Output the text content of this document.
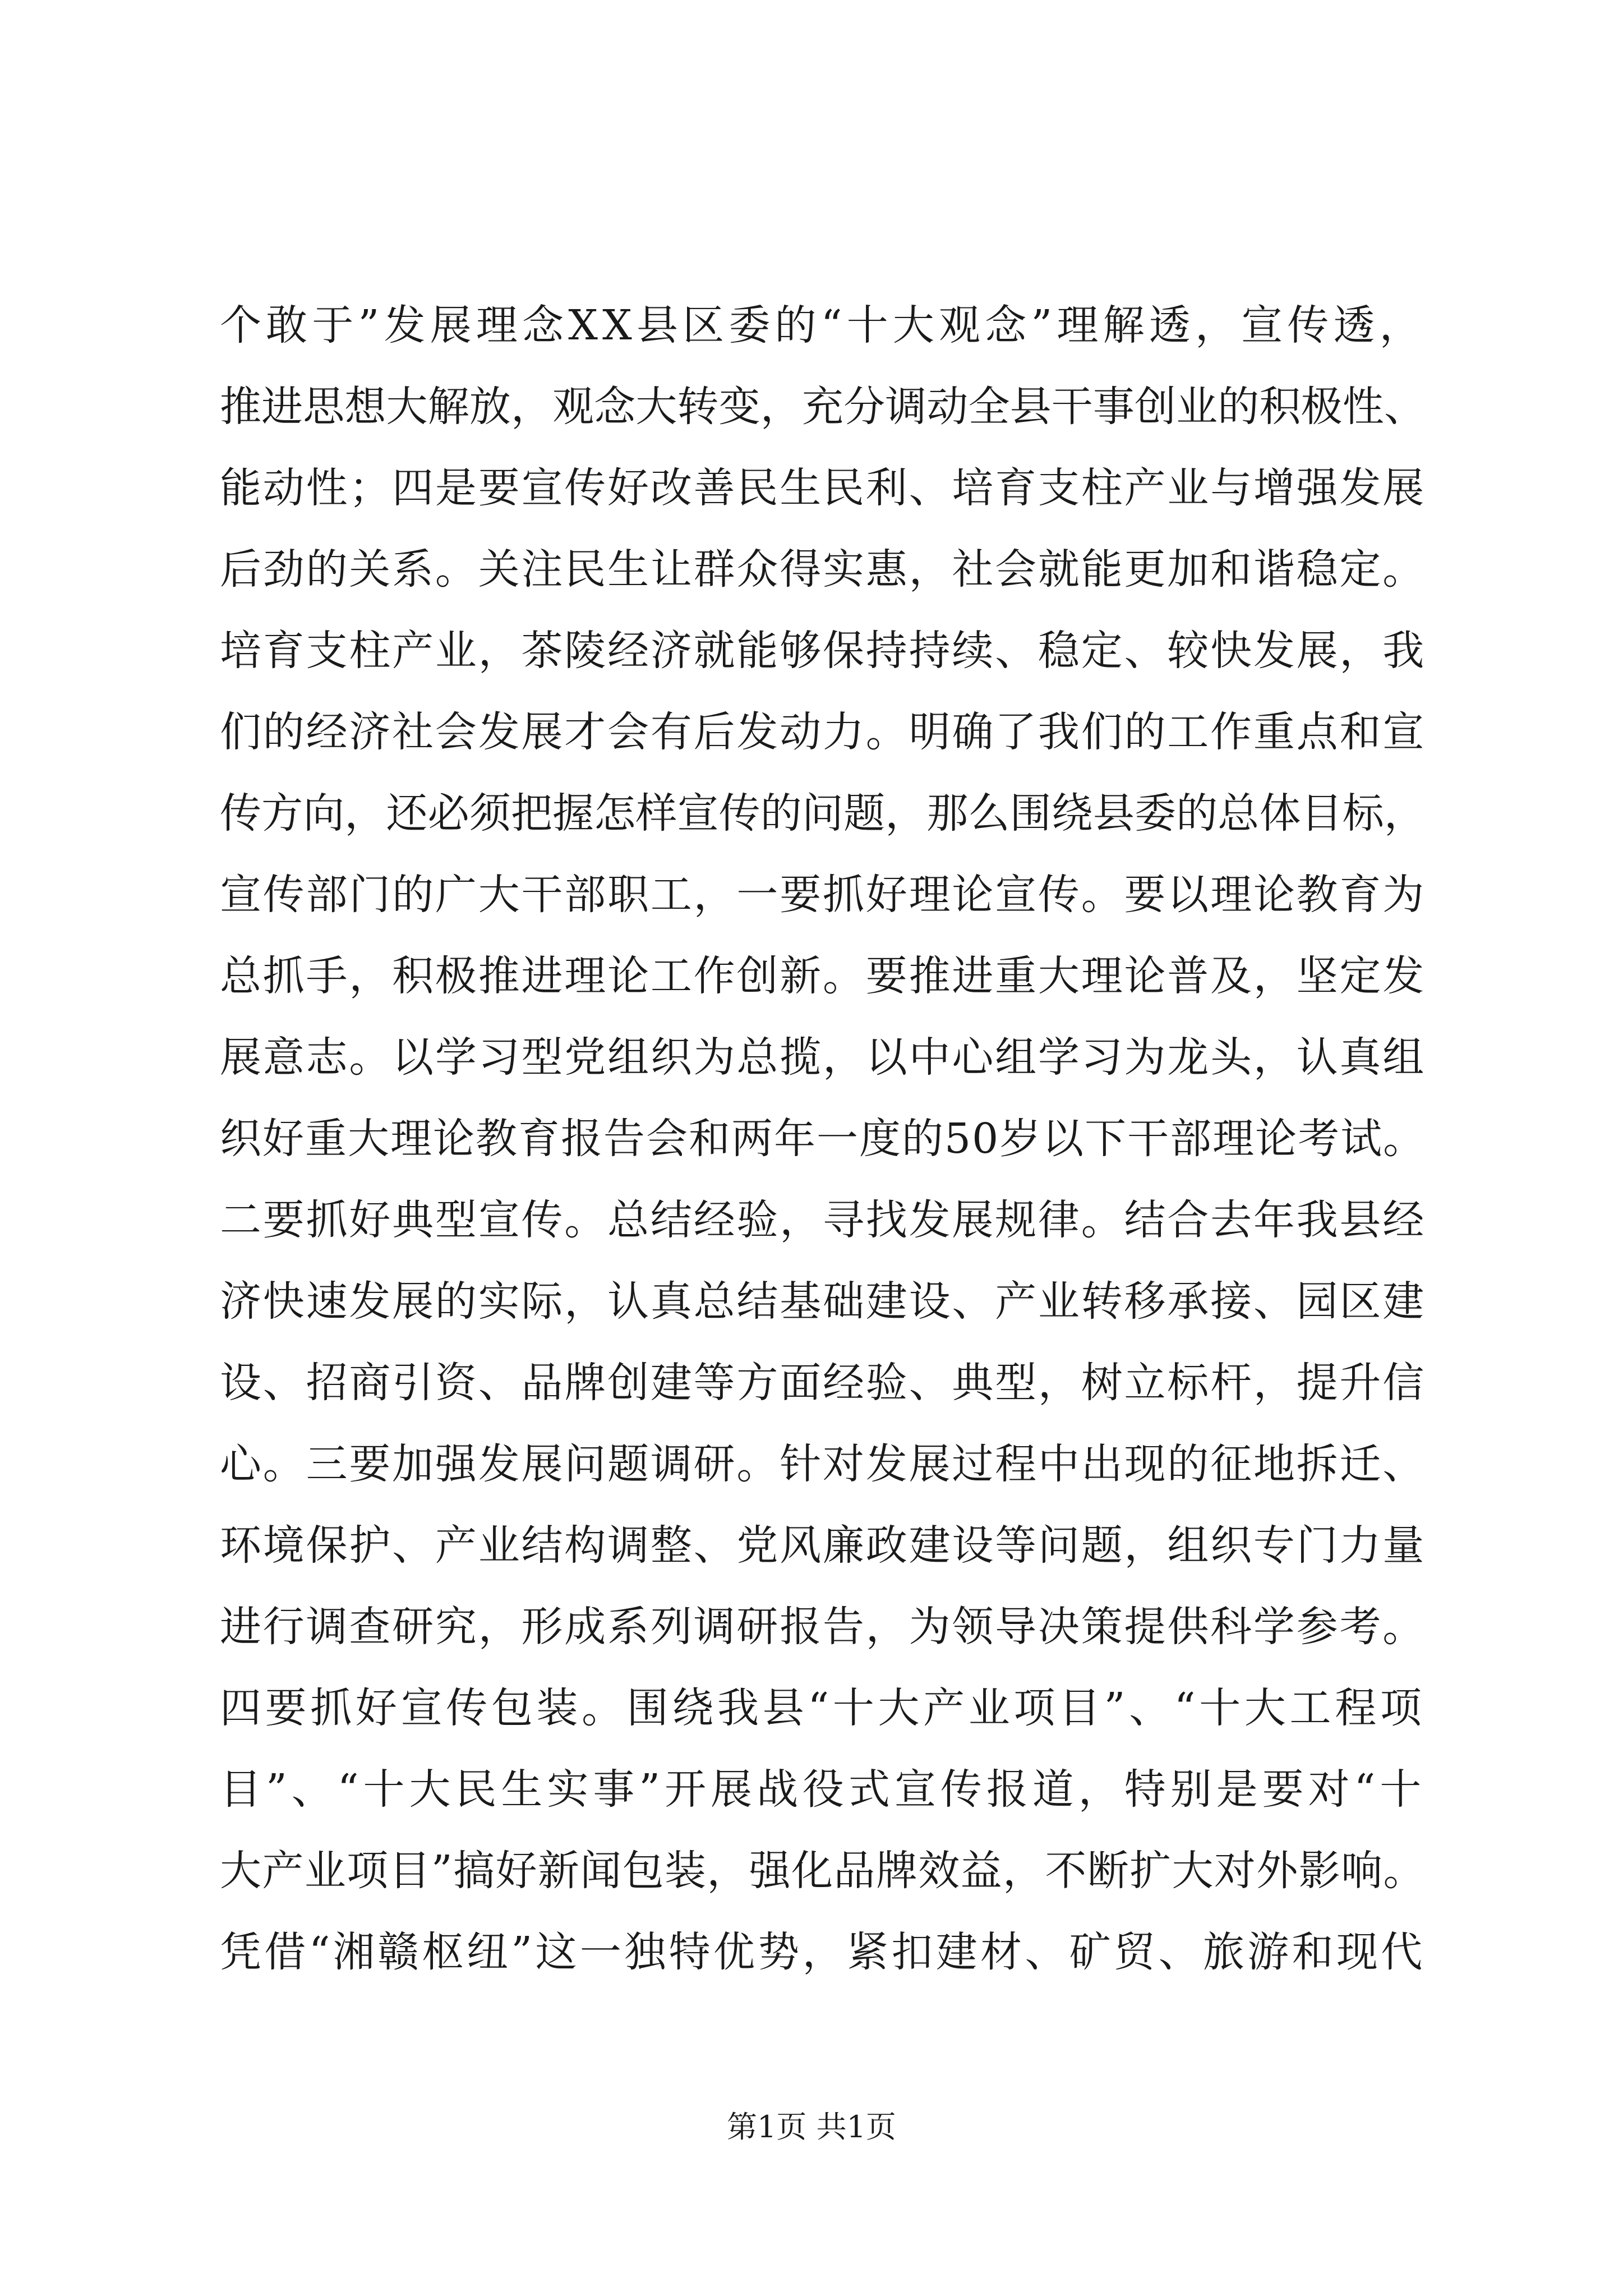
个敢于”发展理念XX县区委的“十大观念”理解透，宣传透，
推进思想大解放，观念大转变，充分调动全县干事创业的积极性、
能动性；四是要宣传好改善民生民利、培育支柱产业与增强发展
后劲的关系。关注民生让群众得实惠，社会就能更加和谐稳定。
培育支柱产业，茶陵经济就能够保持持续、稳定、较快发展，我
们的经济社会发展才会有后发动力。明确了我们的工作重点和宣
传方向，还必须把握怎样宣传的问题，那么围绕县委的总体目标，
宣传部门的广大干部职工，一要抓好理论宣传。要以理论教育为
总抓手，积极推进理论工作创新。要推进重大理论普及，坚定发
展意志。以学习型党组织为总揽，以中心组学习为龙头，认真组
织好重大理论教育报告会和两年一度的50岁以下干部理论考试。
二要抓好典型宣传。总结经验，寻找发展规律。结合去年我县经
济快速发展的实际，认真总结基础建设、产业转移承接、园区建
设、招商引资、品牌创建等方面经验、典型，树立标杆，提升信
心。三要加强发展问题调研。针对发展过程中出现的征地拆迁、
环境保护、产业结构调整、党风廉政建设等问题，组织专门力量
进行调查研究，形成系列调研报告，为领导决策提供科学参考。
四要抓好宣传包装。围绕我县“十大产业项目”、“十大工程项
目”、“十大民生实事”开展战役式宣传报道，特别是要对“十
大产业项目”搞好新闻包装，强化品牌效益，不断扩大对外影响。
凭借“湘赣枢纽”这一独特优势，紧扣建材、矿贸、旅游和现代
第1页 共1页
